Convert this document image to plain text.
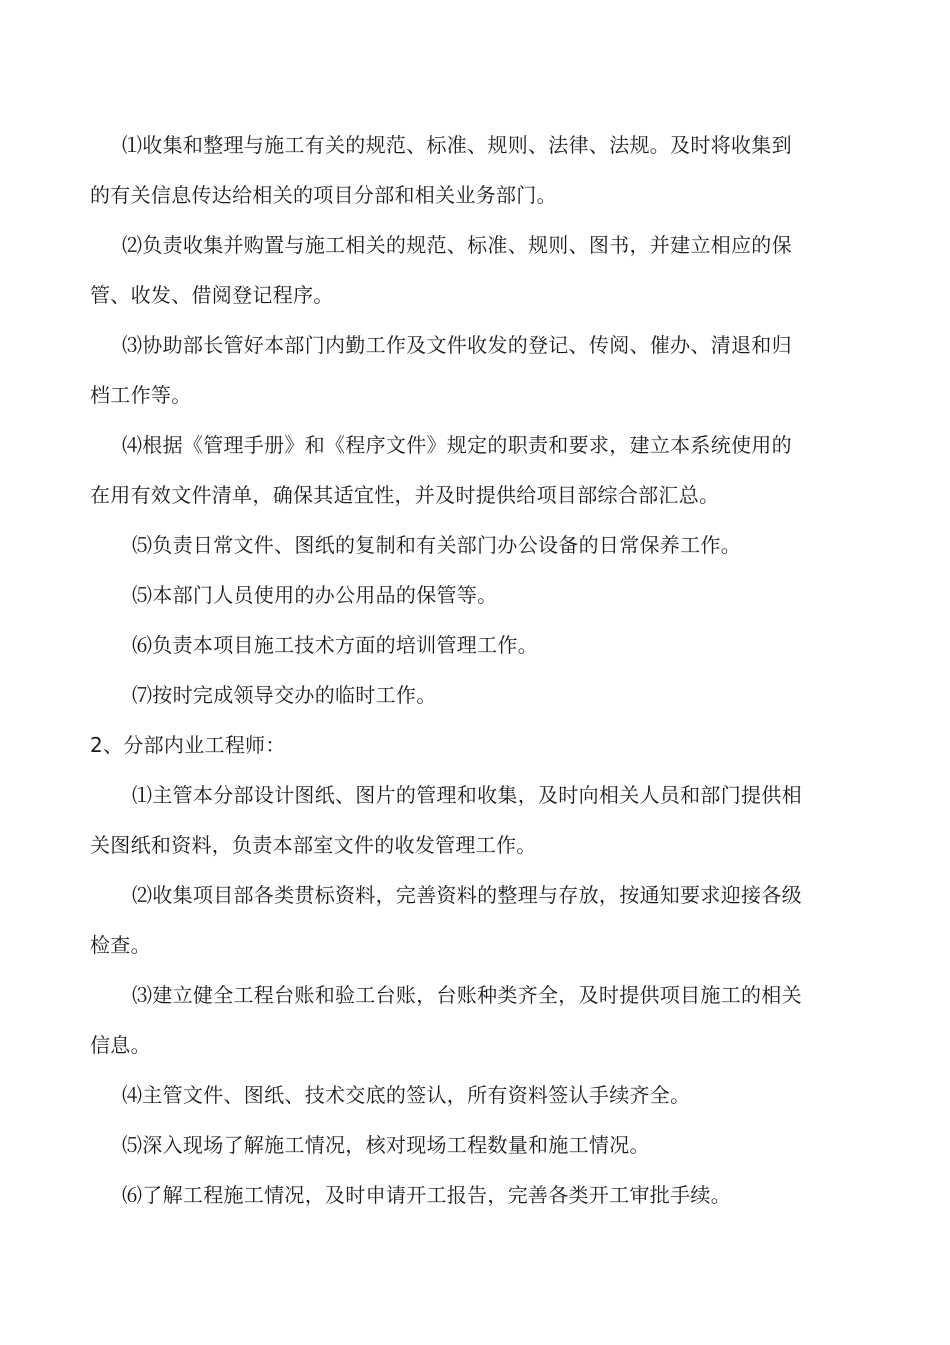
⑴收集和整理与施工有关的规范、标准、规则、法律、法规。及时将收集到
的有关信息传达给相关的项目分部和相关业务部门。
⑵负责收集并购置与施工相关的规范、标准、规则、图书，并建立相应的保
管、收发、借阅登记程序。
⑶协助部长管好本部门内勤工作及文件收发的登记、传阅、催办、清退和归
档工作等。
⑷根据《管理手册》和《程序文件》规定的职责和要求，建立本系统使用的
在用有效文件清单，确保其适宜性，并及时提供给项目部综合部汇总。
⑸负责日常文件、图纸的复制和有关部门办公设备的日常保养工作。
⑸本部门人员使用的办公用品的保管等。
⑹负责本项目施工技术方面的培训管理工作。
⑺按时完成领导交办的临时工作。
2、分部内业工程师：
⑴主管本分部设计图纸、图片的管理和收集，及时向相关人员和部门提供相
关图纸和资料，负责本部室文件的收发管理工作。
⑵收集项目部各类贯标资料，完善资料的整理与存放，按通知要求迎接各级
检查。
⑶建立健全工程台账和验工台账，台账种类齐全，及时提供项目施工的相关
信息。
⑷主管文件、图纸、技术交底的签认，所有资料签认手续齐全。
⑸深入现场了解施工情况，核对现场工程数量和施工情况。
⑹了解工程施工情况，及时申请开工报告，完善各类开工审批手续。
